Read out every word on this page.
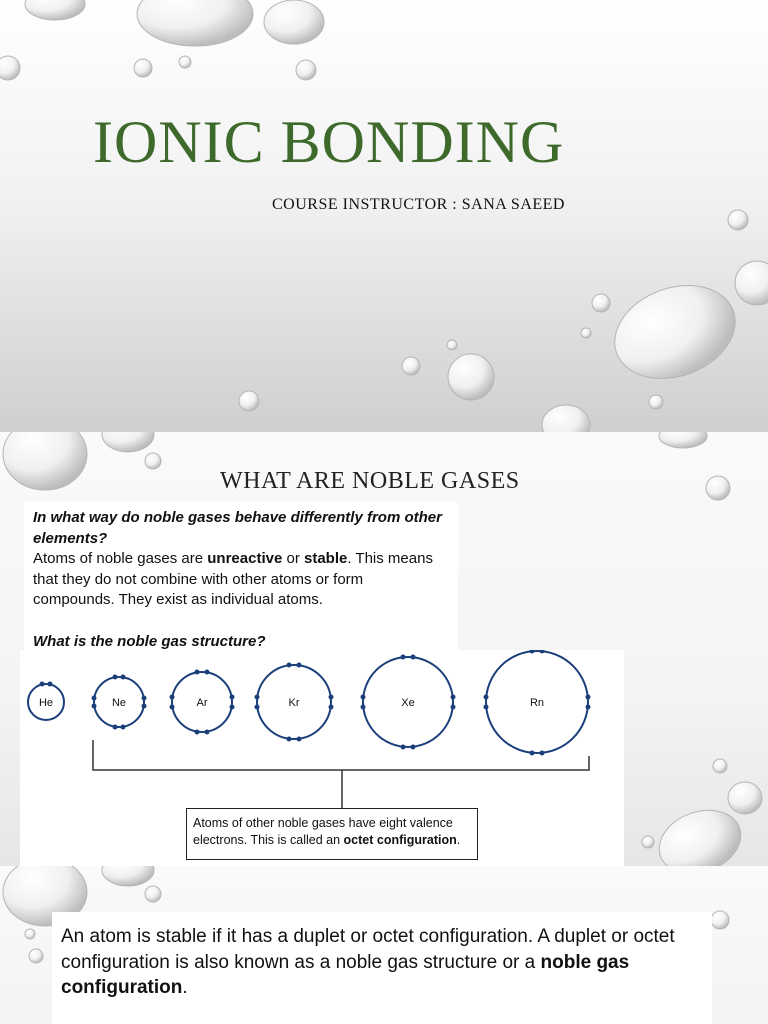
IONIC BONDING
COURSE INSTRUCTOR : SANA SAEED
WHAT ARE NOBLE GASES
In what way do noble gases behave differently from other elements?
Atoms of noble gases are unreactive or stable. This means that they do not combine with other atoms or form compounds. They exist as individual atoms.
What is the noble gas structure?
He	Ne	Ar	Kr	Xe	Rn
Atoms of other noble gases have eight valence electrons. This is called an octet configuration.
An atom is stable if it has a duplet or octet configuration. A duplet or octet configuration is also known as a noble gas structure or a noble gas configuration.
